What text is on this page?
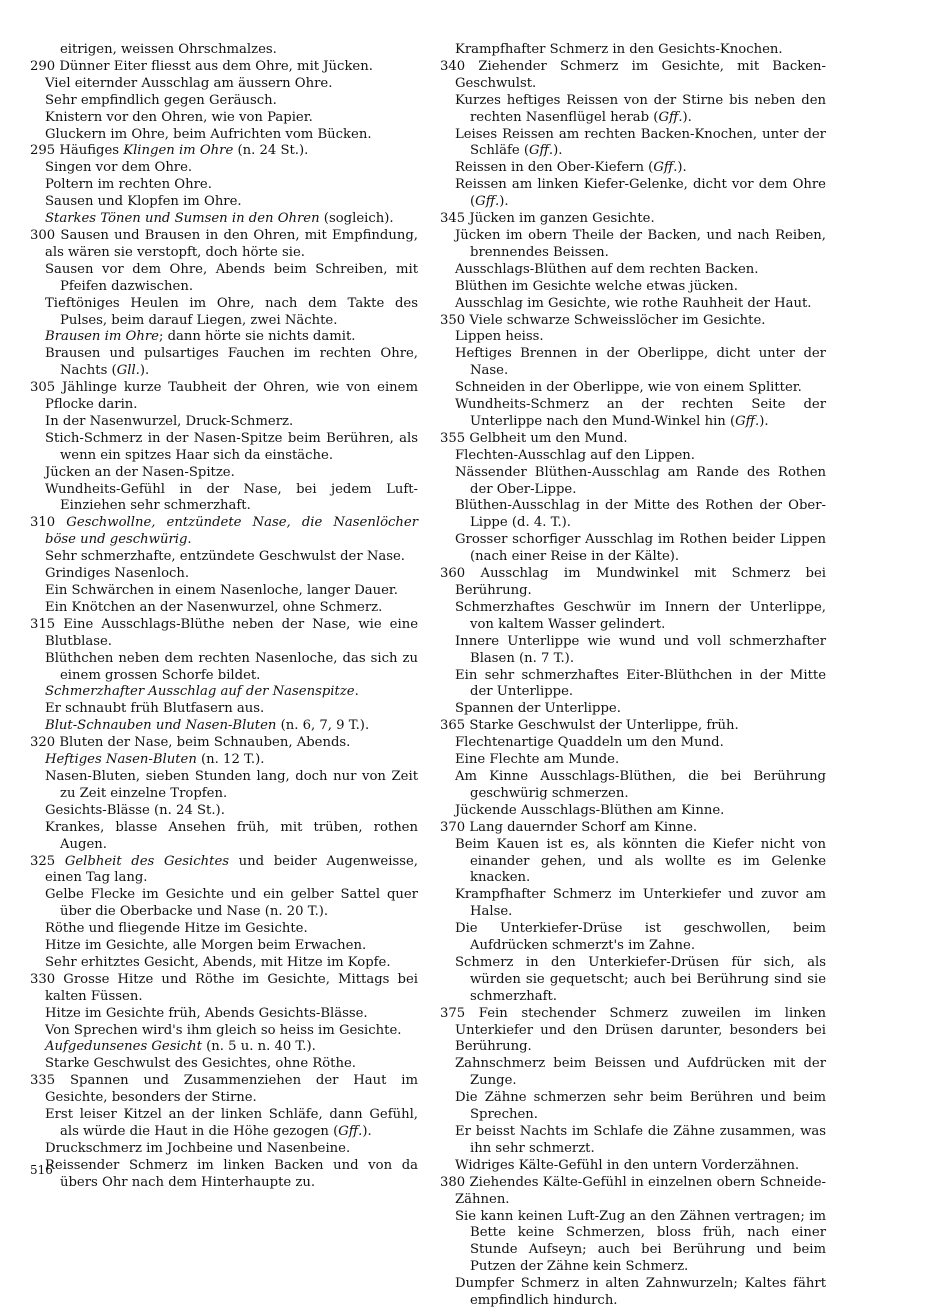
eitrigen, weissen Ohrschmalzes.
290 Dünner Eiter fliesst aus dem Ohre, mit Jücken.
Viel eiternder Ausschlag am äussern Ohre.
Sehr empfindlich gegen Geräusch.
Knistern vor den Ohren, wie von Papier.
Gluckern im Ohre, beim Aufrichten vom Bücken.
295 Häufiges Klingen im Ohre (n. 24 St.).
Singen vor dem Ohre.
Poltern im rechten Ohre.
Sausen und Klopfen im Ohre.
Starkes Tönen und Sumsen in den Ohren (sogleich).
300 Sausen und Brausen in den Ohren, mit Empfindung, als wären sie verstopft, doch hörte sie.
Sausen vor dem Ohre, Abends beim Schreiben, mit Pfeifen dazwischen.
Tieftöniges Heulen im Ohre, nach dem Takte des Pulses, beim darauf Liegen, zwei Nächte.
Brausen im Ohre; dann hörte sie nichts damit.
Brausen und pulsartiges Fauchen im rechten Ohre, Nachts (Gll.).
305 Jählinge kurze Taubheit der Ohren, wie von einem Pflocke darin.
In der Nasenwurzel, Druck-Schmerz.
Stich-Schmerz in der Nasen-Spitze beim Berühren, als wenn ein spitzes Haar sich da einstäche.
Jücken an der Nasen-Spitze.
Wundheits-Gefühl in der Nase, bei jedem Luft-Einziehen sehr schmerzhaft.
310 Geschwollne, entzündete Nase, die Nasenlöcher böse und geschwürig.
Sehr schmerzhafte, entzündete Geschwulst der Nase.
Grindiges Nasenloch.
Ein Schwärchen in einem Nasenloche, langer Dauer.
Ein Knötchen an der Nasenwurzel, ohne Schmerz.
315 Eine Ausschlags-Blüthe neben der Nase, wie eine Blutblase.
Blüthchen neben dem rechten Nasenloche, das sich zu einem grossen Schorfe bildet.
Schmerzhafter Ausschlag auf der Nasenspitze.
Er schnaubt früh Blutfasern aus.
Blut-Schnauben und Nasen-Bluten (n. 6, 7, 9 T.).
320 Bluten der Nase, beim Schnauben, Abends.
Heftiges Nasen-Bluten (n. 12 T.).
Nasen-Bluten, sieben Stunden lang, doch nur von Zeit zu Zeit einzelne Tropfen.
Gesichts-Blässe (n. 24 St.).
Krankes, blasse Ansehen früh, mit trüben, rothen Augen.
325 Gelbheit des Gesichtes und beider Augenweisse, einen Tag lang.
Gelbe Flecke im Gesichte und ein gelber Sattel quer über die Oberbacke und Nase (n. 20 T.).
Röthe und fliegende Hitze im Gesichte.
Hitze im Gesichte, alle Morgen beim Erwachen.
Sehr erhitztes Gesicht, Abends, mit Hitze im Kopfe.
330 Grosse Hitze und Röthe im Gesichte, Mittags bei kalten Füssen.
Hitze im Gesichte früh, Abends Gesichts-Blässe.
Von Sprechen wird's ihm gleich so heiss im Gesichte.
Aufgedunsenes Gesicht (n. 5 u. n. 40 T.).
Starke Geschwulst des Gesichtes, ohne Röthe.
335 Spannen und Zusammenziehen der Haut im Gesichte, besonders der Stirne.
Erst leiser Kitzel an der linken Schläfe, dann Gefühl, als würde die Haut in die Höhe gezogen (Gff.).
Druckschmerz im Jochbeine und Nasenbeine.
Reissender Schmerz im linken Backen und von da übers Ohr nach dem Hinterhaupte zu.
Krampfhafter Schmerz in den Gesichts-Knochen.
340 Ziehender Schmerz im Gesichte, mit Backen-Geschwulst.
Kurzes heftiges Reissen von der Stirne bis neben den rechten Nasenflügel herab (Gff.).
Leises Reissen am rechten Backen-Knochen, unter der Schläfe (Gff.).
Reissen in den Ober-Kiefern (Gff.).
Reissen am linken Kiefer-Gelenke, dicht vor dem Ohre (Gff.).
345 Jücken im ganzen Gesichte.
Jücken im obern Theile der Backen, und nach Reiben, brennendes Beissen.
Ausschlags-Blüthen auf dem rechten Backen.
Blüthen im Gesichte welche etwas jücken.
Ausschlag im Gesichte, wie rothe Rauhheit der Haut.
350 Viele schwarze Schweisslöcher im Gesichte.
Lippen heiss.
Heftiges Brennen in der Oberlippe, dicht unter der Nase.
Schneiden in der Oberlippe, wie von einem Splitter.
Wundheits-Schmerz an der rechten Seite der Unterlippe nach den Mund-Winkel hin (Gff.).
355 Gelbheit um den Mund.
Flechten-Ausschlag auf den Lippen.
Nässender Blüthen-Ausschlag am Rande des Rothen der Ober-Lippe.
Blüthen-Ausschlag in der Mitte des Rothen der Ober-Lippe (d. 4. T.).
Grosser schorfiger Ausschlag im Rothen beider Lippen (nach einer Reise in der Kälte).
360 Ausschlag im Mundwinkel mit Schmerz bei Berührung.
Schmerzhaftes Geschwür im Innern der Unterlippe, von kaltem Wasser gelindert.
Innere Unterlippe wie wund und voll schmerzhafter Blasen (n. 7 T.).
Ein sehr schmerzhaftes Eiter-Blüthchen in der Mitte der Unterlippe.
Spannen der Unterlippe.
365 Starke Geschwulst der Unterlippe, früh.
Flechtenartige Quaddeln um den Mund.
Eine Flechte am Munde.
Am Kinne Ausschlags-Blüthen, die bei Berührung geschwürig schmerzen.
Jückende Ausschlags-Blüthen am Kinne.
370 Lang dauernder Schorf am Kinne.
Beim Kauen ist es, als könnten die Kiefer nicht von einander gehen, und als wollte es im Gelenke knacken.
Krampfhafter Schmerz im Unterkiefer und zuvor am Halse.
Die Unterkiefer-Drüse ist geschwollen, beim Aufdrücken schmerzt's im Zahne.
Schmerz in den Unterkiefer-Drüsen für sich, als würden sie gequetscht; auch bei Berührung sind sie schmerzhaft.
375 Fein stechender Schmerz zuweilen im linken Unterkiefer und den Drüsen darunter, besonders bei Berührung.
Zahnschmerz beim Beissen und Aufdrücken mit der Zunge.
Die Zähne schmerzen sehr beim Berühren und beim Sprechen.
Er beisst Nachts im Schlafe die Zähne zusammen, was ihn sehr schmerzt.
Widriges Kälte-Gefühl in den untern Vorderzähnen.
380 Ziehendes Kälte-Gefühl in einzelnen obern Schneide-Zähnen.
Sie kann keinen Luft-Zug an den Zähnen vertragen; im Bette keine Schmerzen, bloss früh, nach einer Stunde Aufseyn; auch bei Berührung und beim Putzen der Zähne kein Schmerz.
Dumpfer Schmerz in alten Zahnwurzeln; Kaltes fährt empfindlich hindurch.
516
